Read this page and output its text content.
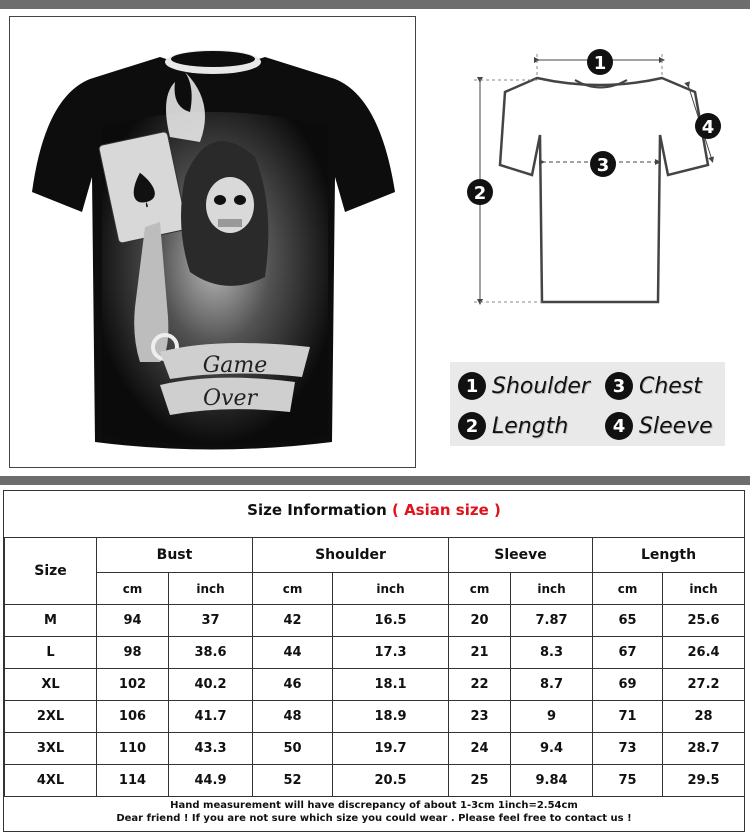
Game
Over
1
2
3
4
1 Shoulder	3 Chest
2 Length	4 Sleeve
Size Information ( Asian size )
Size	Bust		Shoulder		Sleeve		Length	
	cm	inch	cm	inch	cm	inch	cm	inch
M	94	37	42	16.5	20	7.87	65	25.6
L	98	38.6	44	17.3	21	8.3	67	26.4
XL	102	40.2	46	18.1	22	8.7	69	27.2
2XL	106	41.7	48	18.9	23	9	71	28
3XL	110	43.3	50	19.7	24	9.4	73	28.7
4XL	114	44.9	52	20.5	25	9.84	75	29.5
Hand measurement will have discrepancy of about 1-3cm 1inch=2.54cm
Dear friend ! If you are not sure which size you could wear . Please feel free to contact us !
